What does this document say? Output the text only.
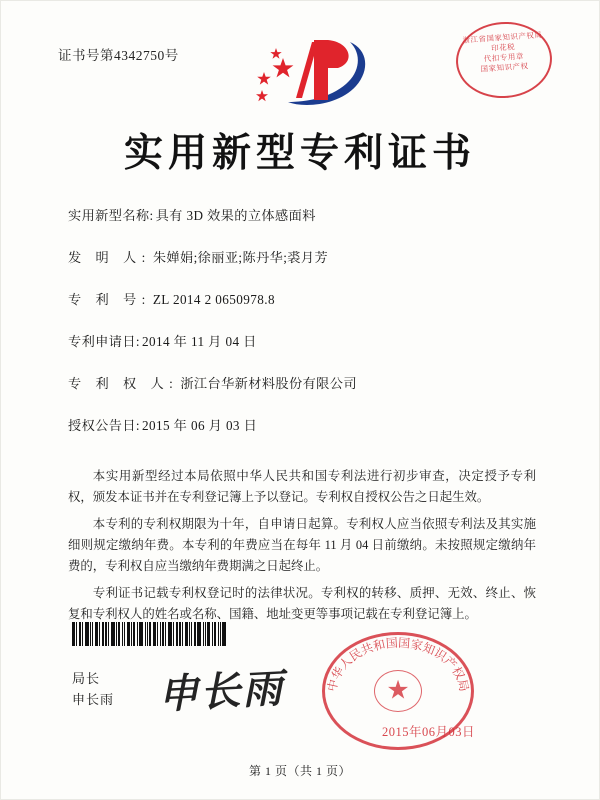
证书号第4342750号
浙江省国家知识产权局
印花税
代扣专用章
国家知识产权
实用新型专利证书
实用新型名称: 具有 3D 效果的立体感面料
发 明 人: 朱婵娟;徐丽亚;陈丹华;裘月芳
专 利 号: ZL 2014 2 0650978.8
专利申请日: 2014 年 11 月 04 日
专 利 权 人: 浙江台华新材料股份有限公司
授权公告日: 2015 年 06 月 03 日

本实用新型经过本局依照中华人民共和国专利法进行初步审查，决定授予专利权，颁发本证书并在专利登记簿上予以登记。专利权自授权公告之日起生效。

本专利的专利权期限为十年，自申请日起算。专利权人应当依照专利法及其实施细则规定缴纳年费。本专利的年费应当在每年 11 月 04 日前缴纳。未按照规定缴纳年费的，专利权自应当缴纳年费期满之日起终止。

专利证书记载专利权登记时的法律状况。专利权的转移、质押、无效、终止、恢复和专利权人的姓名或名称、国籍、地址变更等事项记载在专利登记簿上。

局长
申长雨 申长雨	★
中华人民共和国国家知识产权局
2015年06月03日
第 1 页（共 1 页）
